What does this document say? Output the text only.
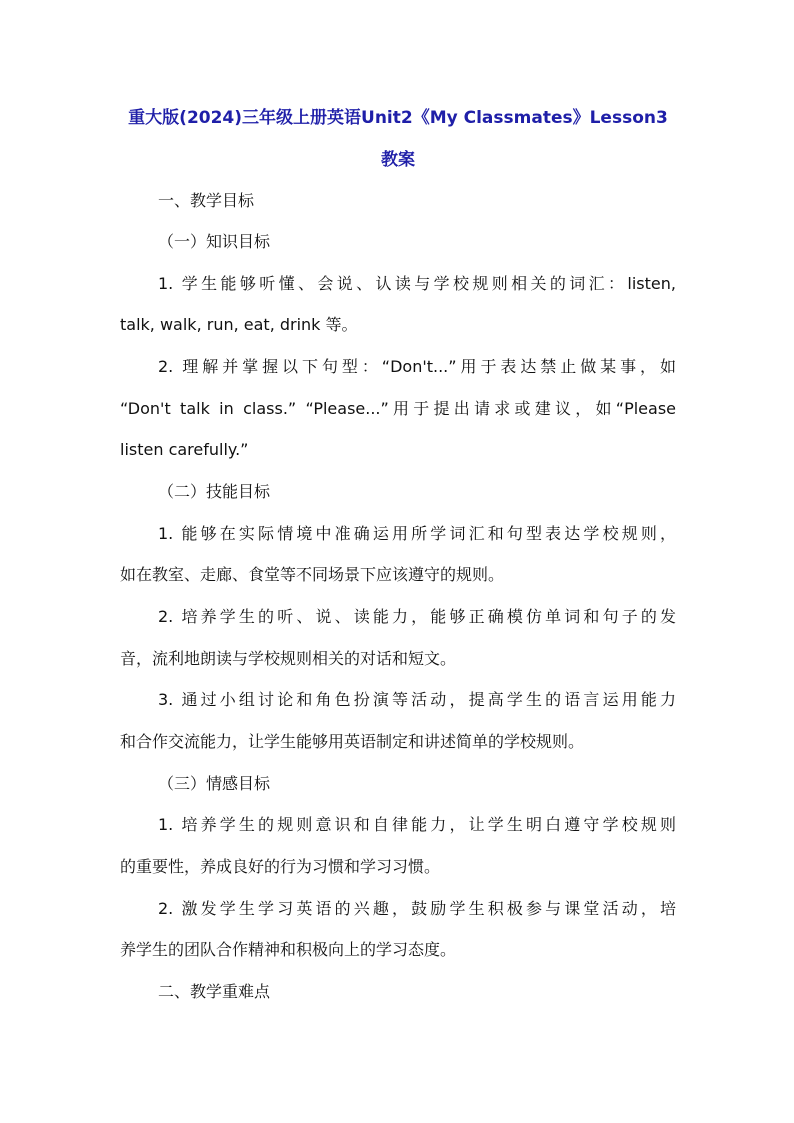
重大版(2024)三年级上册英语Unit2《My Classmates》Lesson3
教案
一、教学目标
（一）知识目标
1. 学生能够听懂、会说、认读与学校规则相关的词汇：listen,
talk, walk, run, eat, drink 等。
2. 理解并掌握以下句型：“Don't...”用于表达禁止做某事，如
“Don't talk in class.” “Please...”用于提出请求或建议，如“Please
listen carefully.”
（二）技能目标
1. 能够在实际情境中准确运用所学词汇和句型表达学校规则，
如在教室、走廊、食堂等不同场景下应该遵守的规则。
2. 培养学生的听、说、读能力，能够正确模仿单词和句子的发
音，流利地朗读与学校规则相关的对话和短文。
3. 通过小组讨论和角色扮演等活动，提高学生的语言运用能力
和合作交流能力，让学生能够用英语制定和讲述简单的学校规则。
（三）情感目标
1. 培养学生的规则意识和自律能力，让学生明白遵守学校规则
的重要性，养成良好的行为习惯和学习习惯。
2. 激发学生学习英语的兴趣，鼓励学生积极参与课堂活动，培
养学生的团队合作精神和积极向上的学习态度。
二、教学重难点
